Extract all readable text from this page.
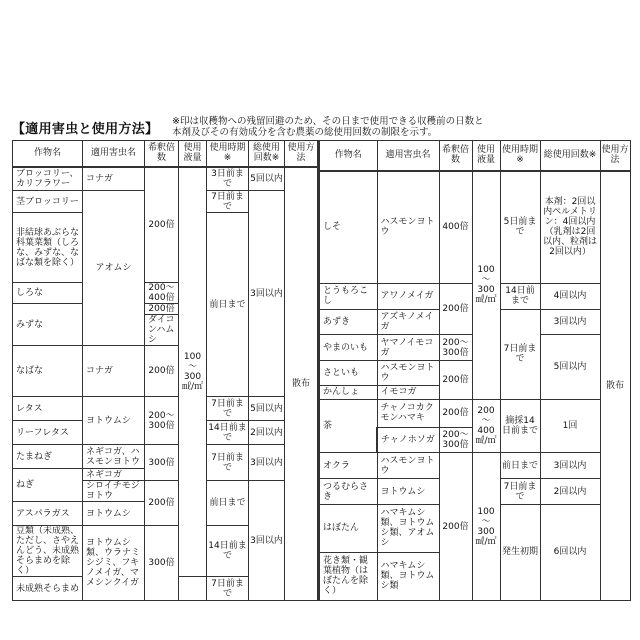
【適用害虫と使用方法】
※印は収穫物への残留回避のため、その日まで使用できる収穫前の日数と
本剤及びその有効成分を含む農薬の総使用回数の制限を示す。
作物名	適用害虫名	希釈倍数	使用液量	使用時期※	総使用回数※	使用方法	
ブロッコリー、カリフラワー	コナガ	200倍	100～300㎖/㎡	3日前まで	5回以内	散布	
茎ブロッコリー	アオムシ			7日前まで	3回以内		
非結球あぶらな科葉菜類（しろな、みずな、なばな類を除く）				前日まで			
しろな		200～400倍					
みずな		200倍					
		ダイコンハムシ	
なばな	コナガ	200倍	
レタス	ヨトウムシ	200～300倍		7日前まで	5回以内		
リーフレタス				14日前まで	2回以内		
たまねぎ	ネギコガ、ハスモンヨトウ	300倍		7日前まで	3回以内		
ねぎ	ネギコガ						
	シロイチモジヨトウ	200倍		前日まで	3回以内		
アスパラガス	ヨトウムシ						
豆類（未成熟、ただし、さやえんどう、未成熟そらまめを除く）	ヨトウムシ類、ウラナミシジミ、フキノメイガ、マメシンクイガ	300倍		14日前まで			
未成熟そらまめ				7日前まで			
作物名	適用害虫名	希釈倍数	使用液量	使用時期※	総使用回数※	使用方法
しそ	ハスモンヨトウ	400倍	100～300㎖/㎡	5日前まで	本剤：2回以内ペルメトリン：4回以内（乳剤は2回以内、粒剤は2回以内）	散布
とうもろこし	アワノメイガ	200倍		14日前まで	4回以内	
あずき	アズキノメイガ			7日前まで	3回以内	
やまのいも	ヤマノイモコガ	200～300倍			5回以内	
さといも	ハスモンヨトウ	200倍				
かんしょ	イモコガ					
茶	チャノコカクモンハマキ	200倍	200～400㎖/㎡	摘採14日前まで	1回	
	チャノホソガ	200～300倍				
オクラ	ハスモンヨトウ	200倍	100～300㎖/㎡	前日まで	3回以内	
つるむらさき	ヨトウムシ			7日前まで	2回以内	
はぼたん	ハマキムシ類、ヨトウムシ類、アオムシ			発生初期	6回以内	
花き類・観葉植物（はぼたんを除く）	ハマキムシ類、ヨトウムシ類					
